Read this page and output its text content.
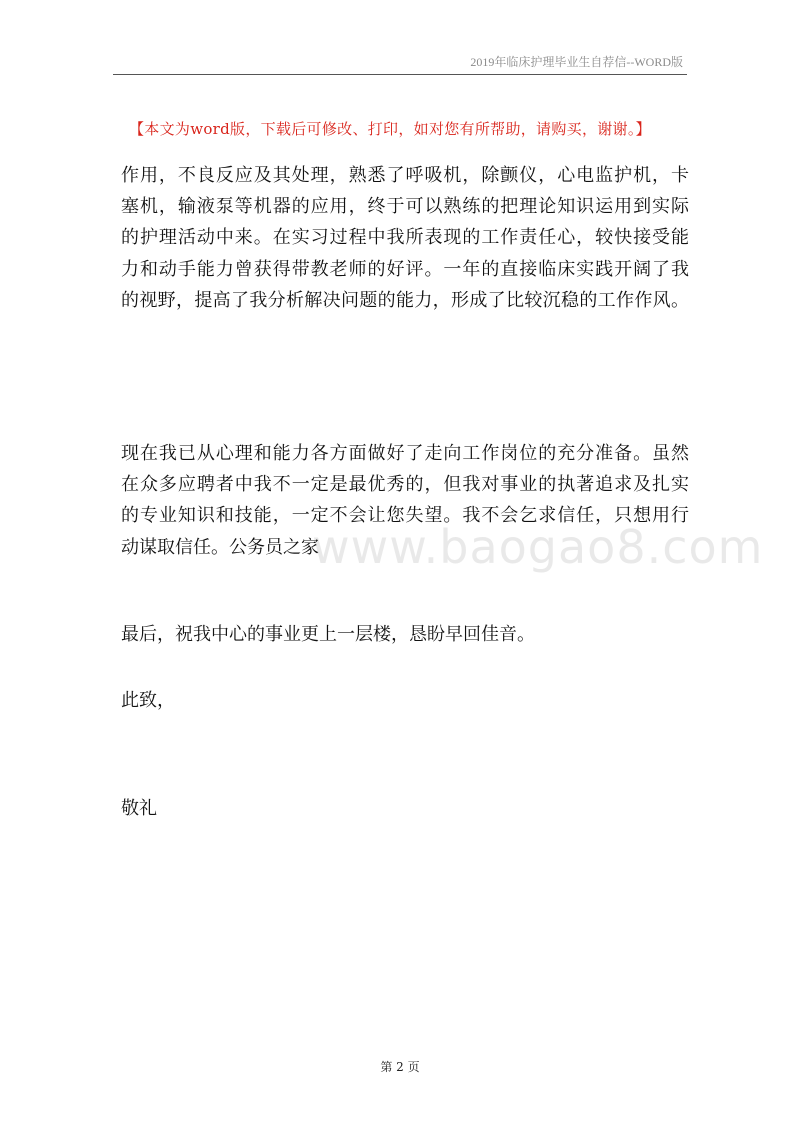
2019年临床护理毕业生自荐信--WORD版
【本文为word版，下载后可修改、打印，如对您有所帮助，请购买，谢谢。】
作用，不良反应及其处理，熟悉了呼吸机，除颤仪，心电监护机，卡
塞机，输液泵等机器的应用，终于可以熟练的把理论知识运用到实际
的护理活动中来。在实习过程中我所表现的工作责任心，较快接受能
力和动手能力曾获得带教老师的好评。一年的直接临床实践开阔了我
的视野，提高了我分析解决问题的能力，形成了比较沉稳的工作作风。
现在我已从心理和能力各方面做好了走向工作岗位的充分准备。虽然
在众多应聘者中我不一定是最优秀的，但我对事业的执著追求及扎实
的专业知识和技能，一定不会让您失望。我不会乞求信任，只想用行
动谋取信任。公务员之家
最后，祝我中心的事业更上一层楼，恳盼早回佳音。
此致，
敬礼
www.baogao8.com
第 2 页
